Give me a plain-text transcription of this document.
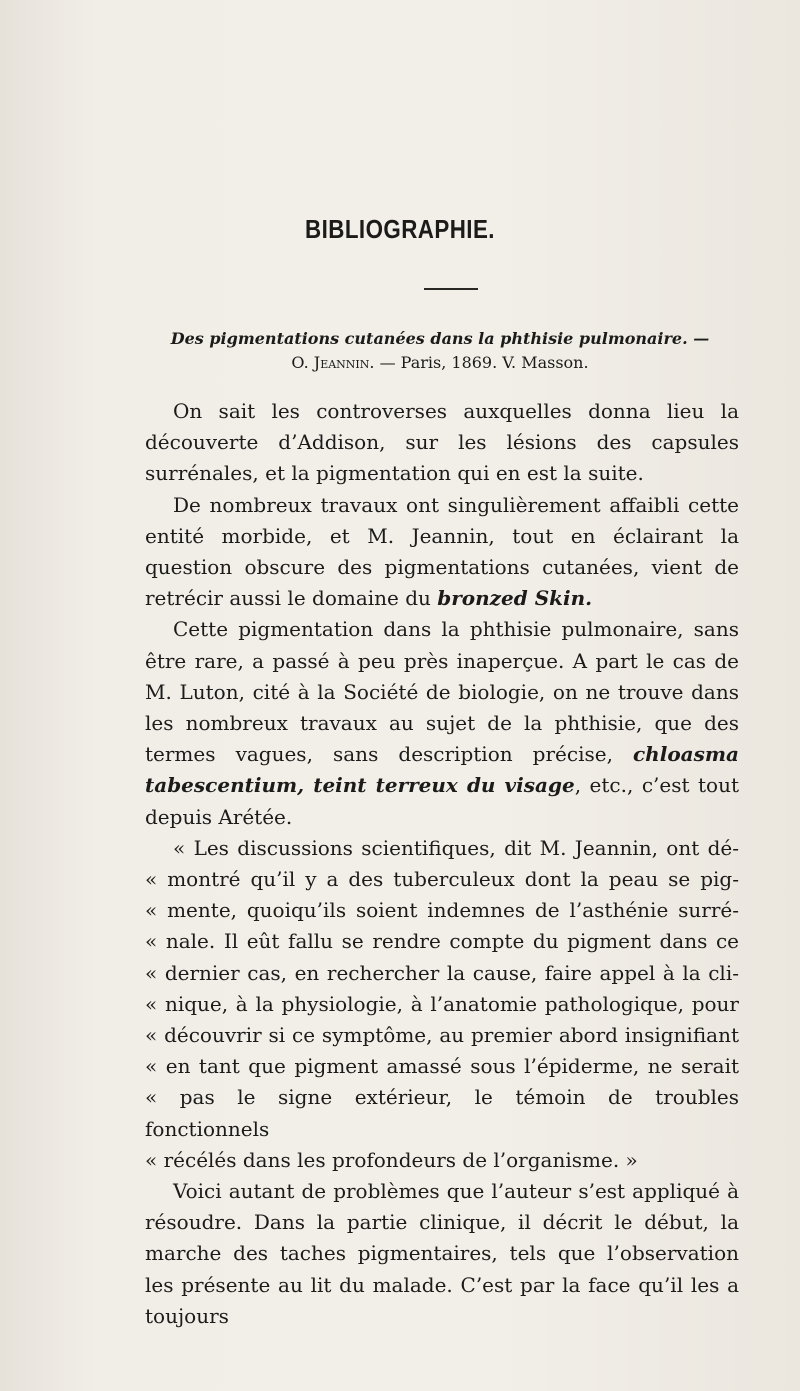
BIBLIOGRAPHIE.
Des pigmentations cutanées dans la phthisie pulmonaire. —
O. Jeannin. — Paris, 1869. V. Masson.

On sait les controverses auxquelles donna lieu la découverte d’Addison, sur les lésions des capsules surrénales, et la pigmentation qui en est la suite.

De nombreux travaux ont singulièrement affaibli cette entité morbide, et M. Jeannin, tout en éclairant la question obscure des pigmentations cutanées, vient de retrécir aussi le domaine du bronzed Skin.

Cette pigmentation dans la phthisie pulmonaire, sans être rare, a passé à peu près inaperçue. A part le cas de M. Luton, cité à la Société de biologie, on ne trouve dans les nombreux travaux au sujet de la phthisie, que des termes vagues, sans description précise, chloasma tabescentium, teint terreux du visage, etc., c’est tout depuis Arétée.

« Les discussions scientifiques, dit M. Jeannin, ont dé-
« montré qu’il y a des tuberculeux dont la peau se pig-
« mente, quoiqu’ils soient indemnes de l’asthénie surré-
« nale. Il eût fallu se rendre compte du pigment dans ce
« dernier cas, en rechercher la cause, faire appel à la cli-
« nique, à la physiologie, à l’anatomie pathologique, pour
« découvrir si ce symptôme, au premier abord insignifiant
« en tant que pigment amassé sous l’épiderme, ne serait
« pas le signe extérieur, le témoin de troubles fonctionnels
« récélés dans les profondeurs de l’organisme. »

Voici autant de problèmes que l’auteur s’est appliqué à résoudre. Dans la partie clinique, il décrit le début, la marche des taches pigmentaires, tels que l’observation les présente au lit du malade. C’est par la face qu’il les a toujours
